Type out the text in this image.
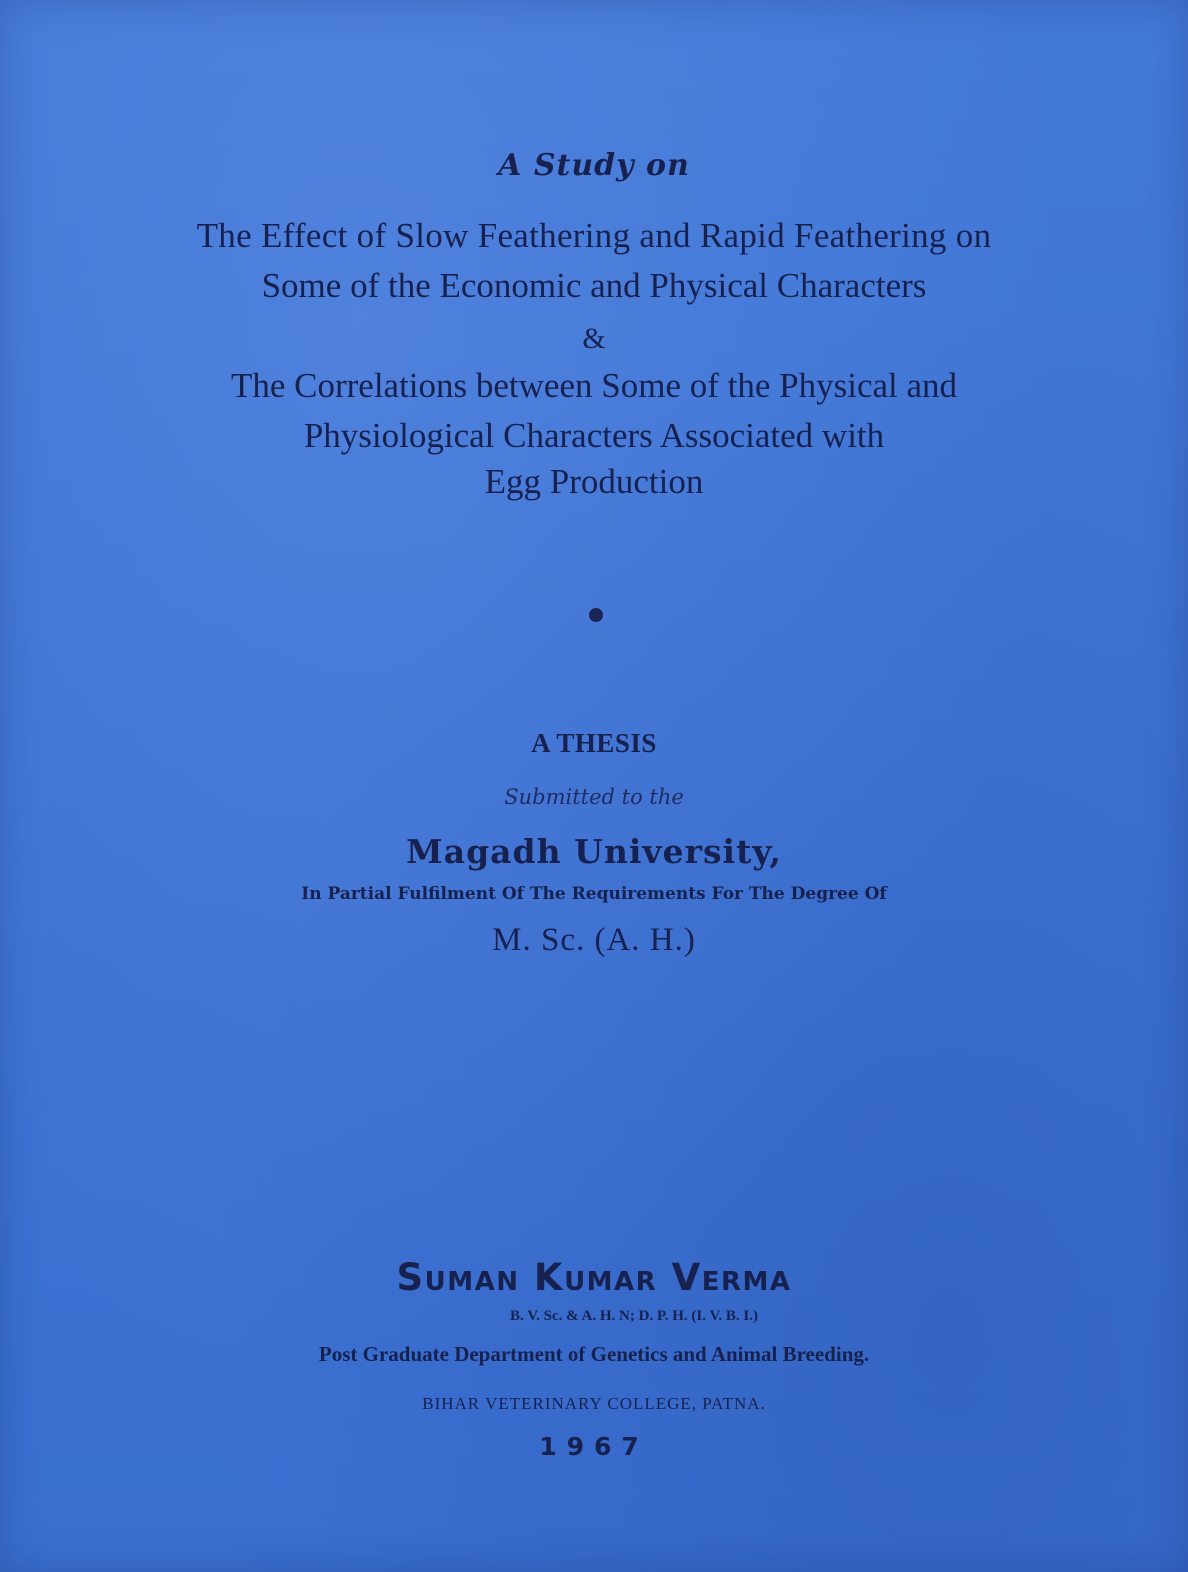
A Study on
The Effect of Slow Feathering and Rapid Feathering on
Some of the Economic and Physical Characters
&
The Correlations between Some of the Physical and
Physiological Characters Associated with
Egg Production
A THESIS
Submitted to the
Magadh University,
In Partial Fulfilment Of The Requirements For The Degree Of
M. Sc. (A. H.)
Suman Kumar Verma
B. V. Sc. & A. H. N; D. P. H. (I. V. B. I.)
Post Graduate Department of Genetics and Animal Breeding.
BIHAR VETERINARY COLLEGE, PATNA.
1967
